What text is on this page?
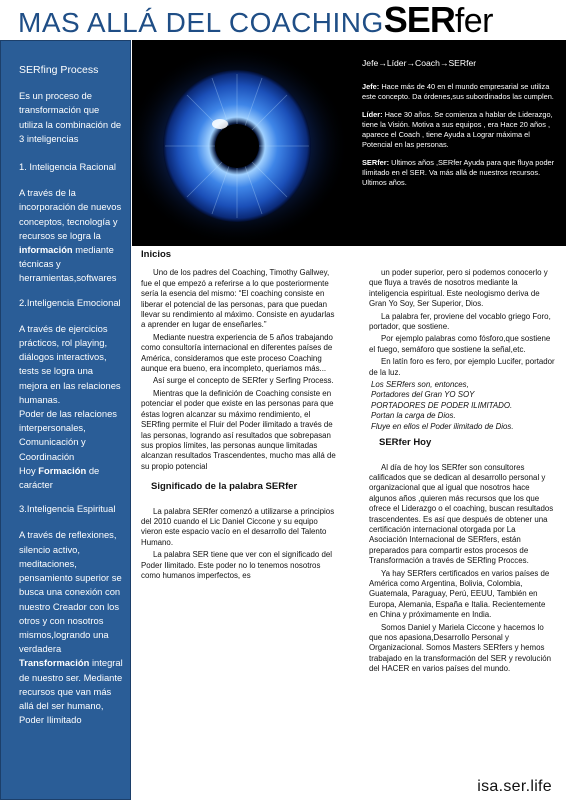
MAS ALLÁ DEL COACHINGSERfer
SERfing Process
Es un proceso de transformación que utiliza la combinación de 3 inteligencias
1. Inteligencia Racional
A través de la incorporación de nuevos conceptos, tecnología y recursos se logra la información mediante técnicas y herramientas,softwares
2.Inteligencia Emocional
A través de ejercicios prácticos, rol playing, diálogos interactivos, tests se logra una mejora en las relaciones humanas.
Poder de las relaciones interpersonales, Comunicación y Coordinación
Hoy Formación de carácter
3.Inteligencia Espiritual
A través de reflexiones, silencio activo, meditaciones, pensamiento superior se busca una conexión con nuestro Creador con los otros y con nosotros mismos,logrando una verdadera Transformación integral de nuestro ser. Mediante recursos que van más allá del ser humano, Poder Ilimitado
Jefe→Líder→Coach→SERfer
Jefe: Hace más de 40 en el mundo empresarial se utiliza este concepto. Da órdenes,sus subordinados las cumplen.
Líder: Hace 30 años. Se comienza a hablar de Liderazgo, tiene la Visión. Motiva a sus equipos , era Hace 20 años , aparece el Coach , tiene Ayuda a Lograr máxima el Potencial en las personas.
SERfer: Ultimos años ,SERfer Ayuda para que fluya poder Ilimitado en el SER. Va más allá de nuestros recursos. Ultimos años.
Inicios
Uno de los padres del Coaching, Timothy Gallwey, fue el que empezó a referirse a lo que posteriormente sería la esencia del mismo: “El coaching consiste en liberar el potencial de las personas, para que puedan llevar su rendimiento al máximo. Consiste en ayudarlas a aprender en lugar de enseñarles.”
Mediante nuestra experiencia de 5 años trabajando como consultoría internacional en diferentes países de América, consideramos que este proceso Coaching aunque era bueno, era incompleto, queriamos más...
Así surge el concepto de SERfer y Serfing Process.
Mientras que la definición de Coaching consiste en potenciar el poder que existe en las personas para que éstas logren alcanzar su máximo rendimiento, el SERfing permite el Fluir del Poder ilimitado a través de las personas, logrando así resultados que sobrepasan sus propios límites, las personas aunque limitadas alcanzan resultados Trascendentes, mucho mas allá de su propio potencial
Significado de la palabra SERfer
La palabra SERfer comenzó a utilizarse a principios del 2010 cuando el Lic Daniel Ciccone y su equipo vieron este espacio vacío en el desarrollo del Talento Humano.
La palabra SER tiene que ver con el significado del Poder Ilimitado. Este poder no lo tenemos nosotros como humanos imperfectos, es
un poder superior, pero si podemos conocerlo y que fluya a través de nosotros mediante la inteligencia espiritual. Este neologismo deriva de Gran Yo Soy, Ser Superior, Dios.
La palabra fer, proviene del vocablo griego Foro, portador, que sostiene.
Por ejemplo palabras como fósforo,que sostiene el fuego, semáforo que sostiene la señal,etc.
En latín foro es fero, por ejemplo Lucifer, portador de la luz.
Los SERfers son, entonces,
Portadores del Gran YO SOY
PORTADORES DE PODER ILIMITADO.
Portan la carga de Dios.
Fluye en ellos el Poder ilimitado de Dios.
SERfer Hoy
Al día de hoy los SERfer son consultores calificados que se dedican al desarrollo personal y organizacional que al igual que nosotros hace algunos años ,quieren más recursos que los que ofrece el Liderazgo o el coaching, buscan resultados trascendentes. Es así que después de obtener una certificación internacional otorgada por La Asociación Internacional de SERfers, están preparados para compartir estos procesos de Transformación a través de SERfing Procces.
Ya hay SERfers certificados en varios países de América como Argentina, Bolivia, Colombia, Guatemala, Paraguay, Perú, EEUU, También en Europa, Alemania, España e Italia. Recientemente en China y próximamente en India.
Somos Daniel y Mariela Ciccone y hacemos lo que nos apasiona,Desarrollo Personal y Organizacional. Somos Masters SERfers y hemos trabajado en la transformación del SER y revolución del HACER en varios países del mundo.
isa.ser.life
